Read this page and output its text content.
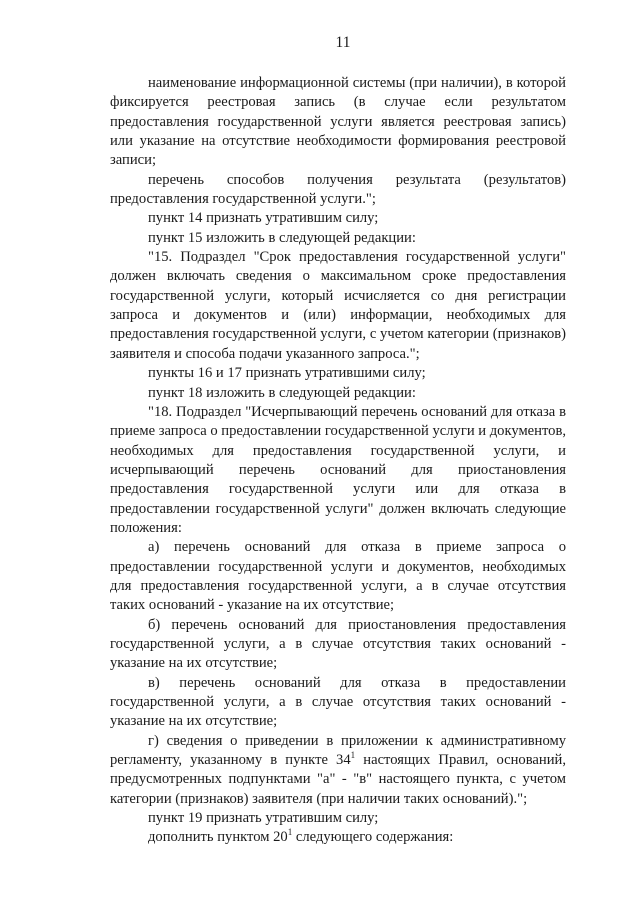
11

наименование информационной системы (при наличии), в которой фиксируется реестровая запись (в случае если результатом предоставления государственной услуги является реестровая запись) или указание на отсутствие необходимости формирования реестровой записи;

перечень способов получения результата (результатов) предоставления государственной услуги.";

пункт 14 признать утратившим силу;

пункт 15 изложить в следующей редакции:

"15. Подраздел "Срок предоставления государственной услуги" должен включать сведения о максимальном сроке предоставления государственной услуги, который исчисляется со дня регистрации запроса и документов и (или) информации, необходимых для предоставления государственной услуги, с учетом категории (признаков) заявителя и способа подачи указанного запроса.";

пункты 16 и 17 признать утратившими силу;

пункт 18 изложить в следующей редакции:

"18. Подраздел "Исчерпывающий перечень оснований для отказа в приеме запроса о предоставлении государственной услуги и документов, необходимых для предоставления государственной услуги, и исчерпывающий перечень оснований для приостановления предоставления государственной услуги или для отказа в предоставлении государственной услуги" должен включать следующие положения:

а) перечень оснований для отказа в приеме запроса о предоставлении государственной услуги и документов, необходимых для предоставления государственной услуги, а в случае отсутствия таких оснований - указание на их отсутствие;

б) перечень оснований для приостановления предоставления государственной услуги, а в случае отсутствия таких оснований - указание на их отсутствие;

в) перечень оснований для отказа в предоставлении государственной услуги, а в случае отсутствия таких оснований - указание на их отсутствие;

г) сведения о приведении в приложении к административному регламенту, указанному в пункте $34^1$ настоящих Правил, оснований, предусмотренных подпунктами "а" - "в" настоящего пункта, с учетом категории (признаков) заявителя (при наличии таких оснований).";

пункт 19 признать утратившим силу;

дополнить пунктом $20^1$ следующего содержания:
